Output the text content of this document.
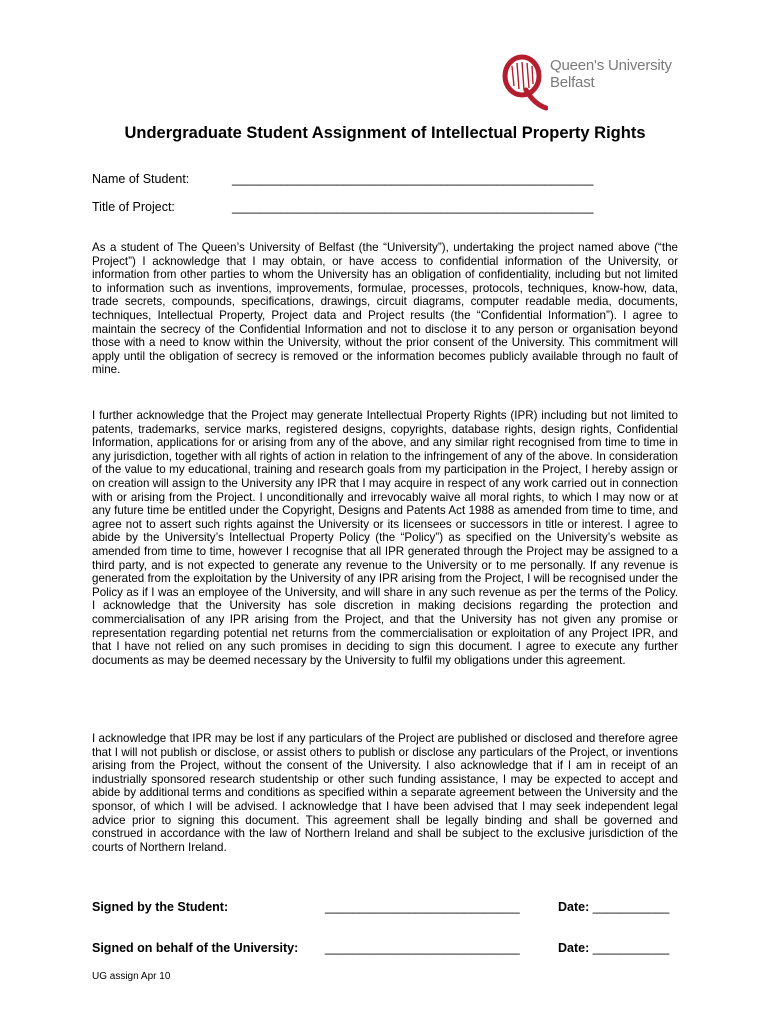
Queen's University
Belfast
Undergraduate Student Assignment of Intellectual Property Rights
Name of Student:	____________________________________________________
Title of Project:	____________________________________________________

As a student of The Queen’s University of Belfast (the “University”), undertaking the project named above (“the Project”) I acknowledge that I may obtain, or have access to confidential information of the University, or information from other parties to whom the University has an obligation of confidentiality, including but not limited to information such as inventions, improvements, formulae, processes, protocols, techniques, know-how, data, trade secrets, compounds, specifications, drawings, circuit diagrams, computer readable media, documents, techniques, Intellectual Property, Project data and Project results (the “Confidential Information”). I agree to maintain the secrecy of the Confidential Information and not to disclose it to any person or organisation beyond those with a need to know within the University, without the prior consent of the University. This commitment will apply until the obligation of secrecy is removed or the information becomes publicly available through no fault of mine.

I further acknowledge that the Project may generate Intellectual Property Rights (IPR) including but not limited to patents, trademarks, service marks, registered designs, copyrights, database rights, design rights, Confidential Information, applications for or arising from any of the above, and any similar right recognised from time to time in any jurisdiction, together with all rights of action in relation to the infringement of any of the above. In consideration of the value to my educational, training and research goals from my participation in the Project, I hereby assign or on creation will assign to the University any IPR that I may acquire in respect of any work carried out in connection with or arising from the Project. I unconditionally and irrevocably waive all moral rights, to which I may now or at any future time be entitled under the Copyright, Designs and Patents Act 1988 as amended from time to time, and agree not to assert such rights against the University or its licensees or successors in title or interest. I agree to abide by the University’s Intellectual Property Policy (the “Policy”) as specified on the University’s website as amended from time to time, however I recognise that all IPR generated through the Project may be assigned to a third party, and is not expected to generate any revenue to the University or to me personally. If any revenue is generated from the exploitation by the University of any IPR arising from the Project, I will be recognised under the Policy as if I was an employee of the University, and will share in any such revenue as per the terms of the Policy. I acknowledge that the University has sole discretion in making decisions regarding the protection and commercialisation of any IPR arising from the Project, and that the University has not given any promise or representation regarding potential net returns from the commercialisation or exploitation of any Project IPR, and that I have not relied on any such promises in deciding to sign this document. I agree to execute any further documents as may be deemed necessary by the University to fulfil my obligations under this agreement.

I acknowledge that IPR may be lost if any particulars of the Project are published or disclosed and therefore agree that I will not publish or disclose, or assist others to publish or disclose any particulars of the Project, or inventions arising from the Project, without the consent of the University. I also acknowledge that if I am in receipt of an industrially sponsored research studentship or other such funding assistance, I may be expected to accept and abide by additional terms and conditions as specified within a separate agreement between the University and the sponsor, of which I will be advised. I acknowledge that I have been advised that I may seek independent legal advice prior to signing this document. This agreement shall be legally binding and shall be governed and construed in accordance with the law of Northern Ireland and shall be subject to the exclusive jurisdiction of the courts of Northern Ireland.

Signed by the Student:	____________________________	Date: ___________
Signed on behalf of the University: ____________________________	Date: ___________
UG assign Apr 10
